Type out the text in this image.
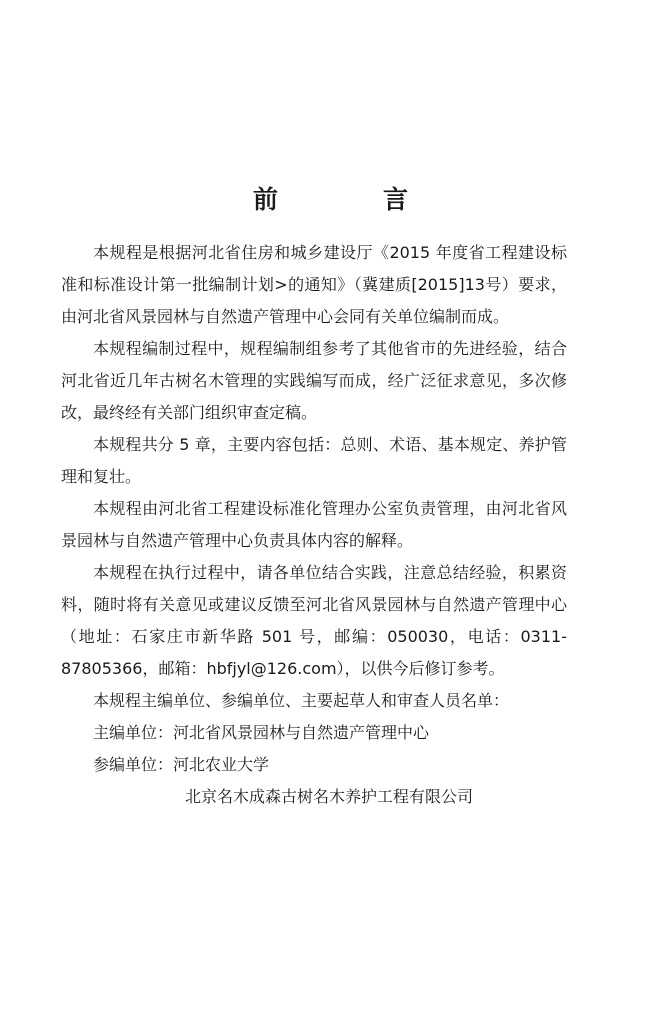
前　言

本规程是根据河北省住房和城乡建设厅《2015 年度省工程建设标准和标准设计第一批编制计划>的通知》（冀建质[2015]13号）要求，由河北省风景园林与自然遗产管理中心会同有关单位编制而成。

本规程编制过程中，规程编制组参考了其他省市的先进经验，结合河北省近几年古树名木管理的实践编写而成，经广泛征求意见，多次修改，最终经有关部门组织审查定稿。

本规程共分 5 章，主要内容包括：总则、术语、基本规定、养护管理和复壮。

本规程由河北省工程建设标准化管理办公室负责管理，由河北省风景园林与自然遗产管理中心负责具体内容的解释。

本规程在执行过程中，请各单位结合实践，注意总结经验，积累资料，随时将有关意见或建议反馈至河北省风景园林与自然遗产管理中心（地址：石家庄市新华路 501 号，邮编：050030，电话：0311-87805366，邮箱：hbfjyl@126.com），以供今后修订参考。

本规程主编单位、参编单位、主要起草人和审查人员名单：

主编单位：河北省风景园林与自然遗产管理中心

参编单位：河北农业大学

北京名木成森古树名木养护工程有限公司
